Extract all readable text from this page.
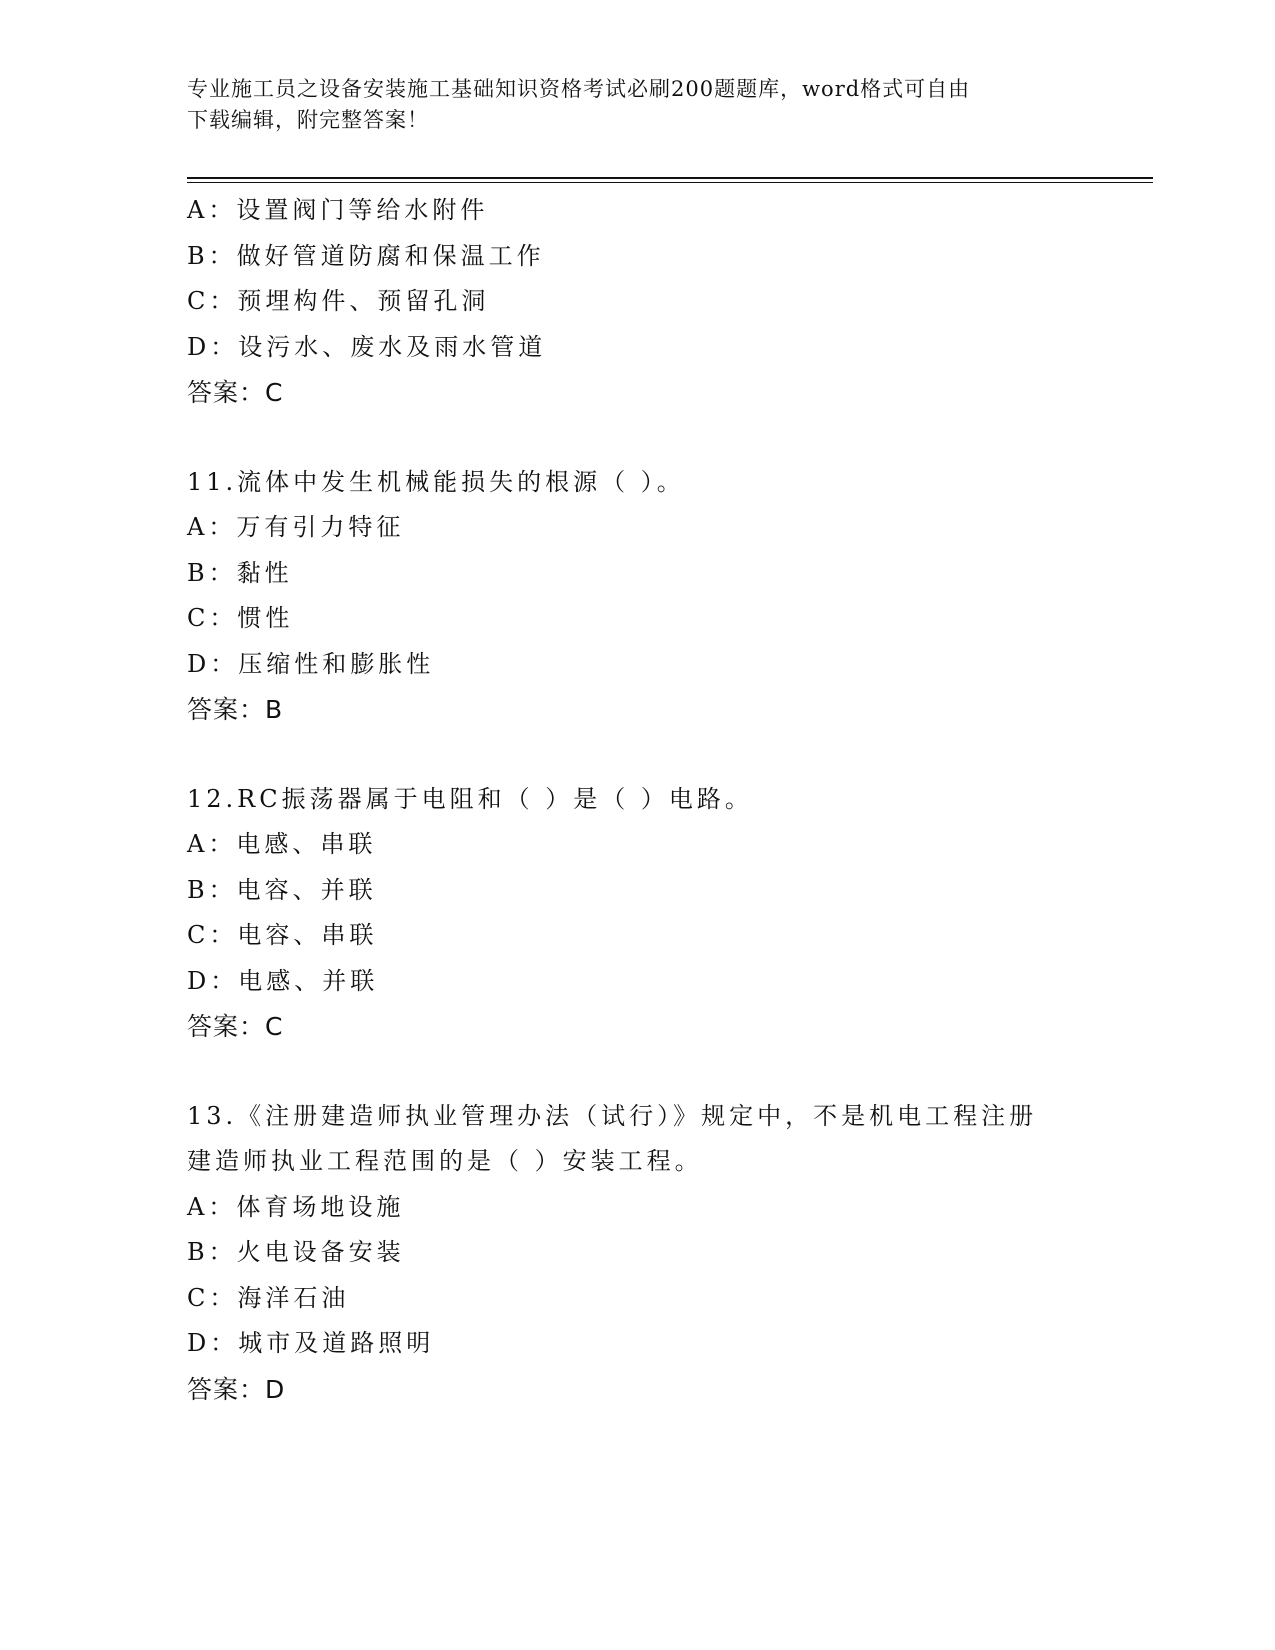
专业施工员之设备安装施工基础知识资格考试必刷200题题库，word格式可自由
下载编辑，附完整答案！
A：设置阀门等给水附件
B：做好管道防腐和保温工作
C：预埋构件、预留孔洞
D：设污水、废水及雨水管道
答案：C
11.流体中发生机械能损失的根源（ ）。
A：万有引力特征
B：黏性
C：惯性
D：压缩性和膨胀性
答案：B
12.RC振荡器属于电阻和（ ）是（ ）电路。
A：电感、串联
B：电容、并联
C：电容、串联
D：电感、并联
答案：C
13.《注册建造师执业管理办法（试行）》规定中，不是机电工程注册
建造师执业工程范围的是（ ）安装工程。
A：体育场地设施
B：火电设备安装
C：海洋石油
D：城市及道路照明
答案：D
